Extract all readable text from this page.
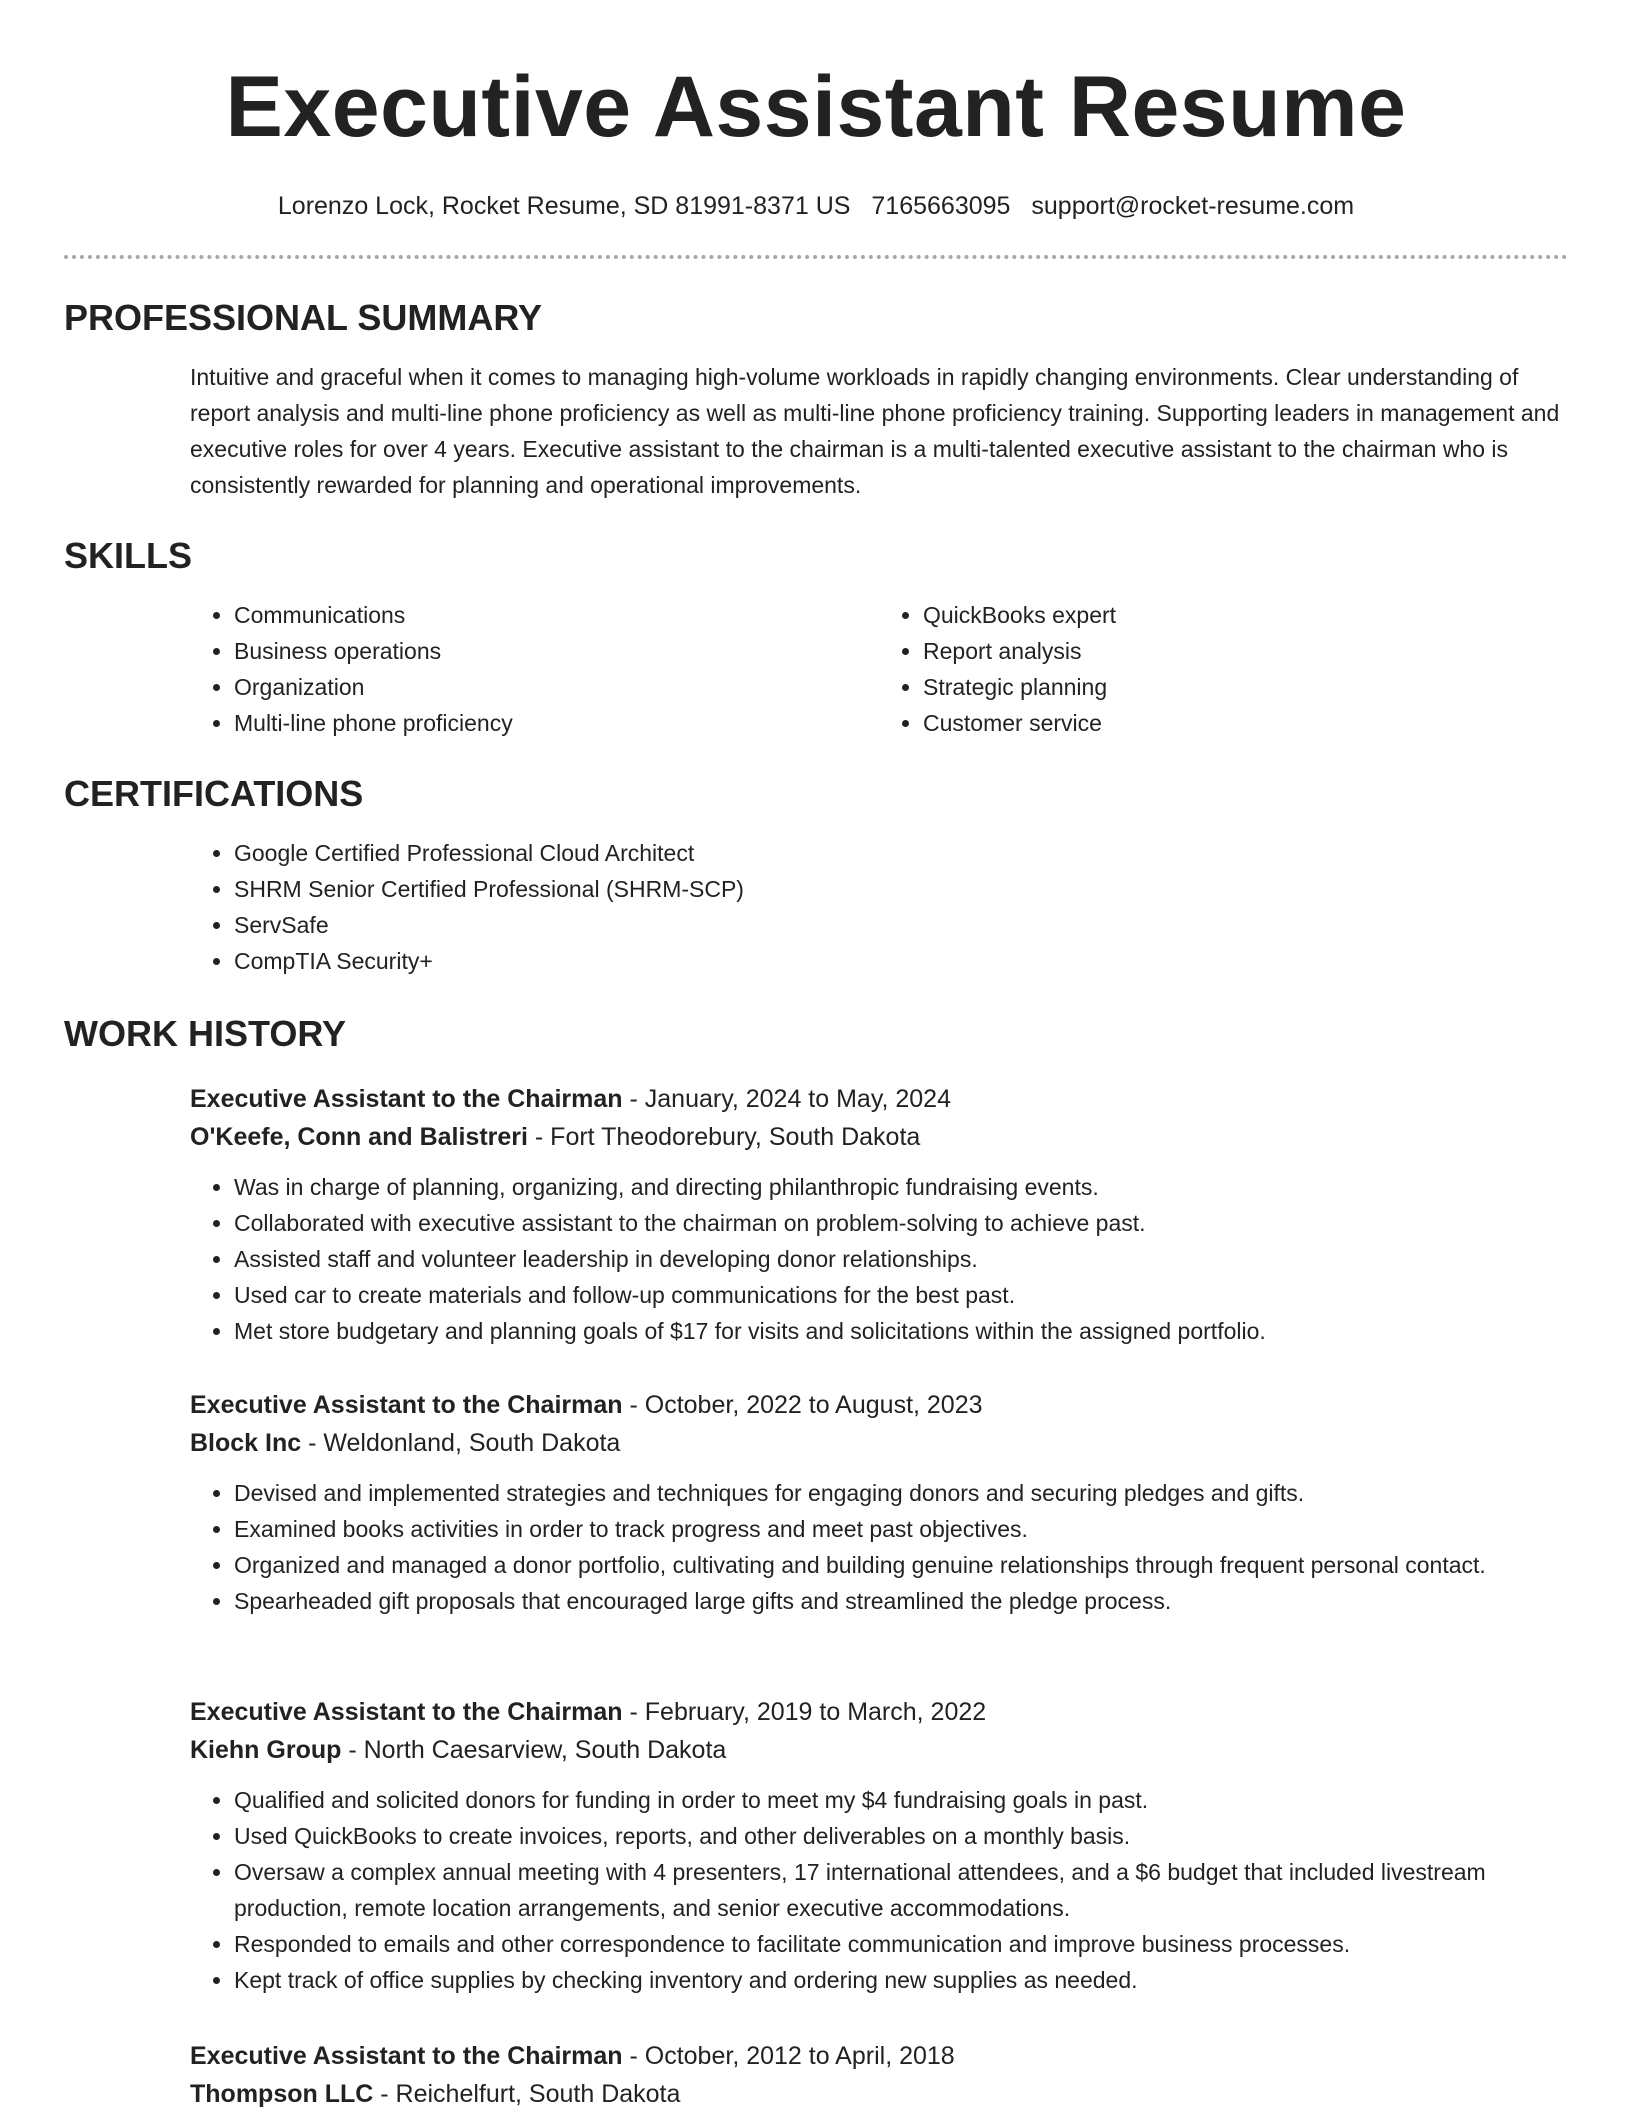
Executive Assistant Resume
Lorenzo Lock, Rocket Resume, SD 81991-8371 US 7165663095 support@rocket-resume.com
PROFESSIONAL SUMMARY

Intuitive and graceful when it comes to managing high-volume workloads in rapidly changing environments. Clear understanding of report analysis and multi-line phone proficiency as well as multi-line phone proficiency training. Supporting leaders in management and executive roles for over 4 years. Executive assistant to the chairman is a multi-talented executive assistant to the chairman who is consistently rewarded for planning and operational improvements.

SKILLS
• Communications
• Business operations
• Organization
• Multi-line phone proficiency
• QuickBooks expert
• Report analysis
• Strategic planning
• Customer service
CERTIFICATIONS
• Google Certified Professional Cloud Architect
• SHRM Senior Certified Professional (SHRM-SCP)
• ServSafe
• CompTIA Security+
WORK HISTORY
Executive Assistant to the Chairman - January, 2024 to May, 2024
O'Keefe, Conn and Balistreri - Fort Theodorebury, South Dakota
• Was in charge of planning, organizing, and directing philanthropic fundraising events.
• Collaborated with executive assistant to the chairman on problem-solving to achieve past.
• Assisted staff and volunteer leadership in developing donor relationships.
• Used car to create materials and follow-up communications for the best past.
• Met store budgetary and planning goals of $17 for visits and solicitations within the assigned portfolio.
Executive Assistant to the Chairman - October, 2022 to August, 2023
Block Inc - Weldonland, South Dakota
• Devised and implemented strategies and techniques for engaging donors and securing pledges and gifts.
• Examined books activities in order to track progress and meet past objectives.
• Organized and managed a donor portfolio, cultivating and building genuine relationships through frequent personal contact.
• Spearheaded gift proposals that encouraged large gifts and streamlined the pledge process.
Executive Assistant to the Chairman - February, 2019 to March, 2022
Kiehn Group - North Caesarview, South Dakota
• Qualified and solicited donors for funding in order to meet my $4 fundraising goals in past.
• Used QuickBooks to create invoices, reports, and other deliverables on a monthly basis.
• Oversaw a complex annual meeting with 4 presenters, 17 international attendees, and a $6 budget that included livestream production, remote location arrangements, and senior executive accommodations.
• Responded to emails and other correspondence to facilitate communication and improve business processes.
• Kept track of office supplies by checking inventory and ordering new supplies as needed.
Executive Assistant to the Chairman - October, 2012 to April, 2018
Thompson LLC - Reichelfurt, South Dakota
